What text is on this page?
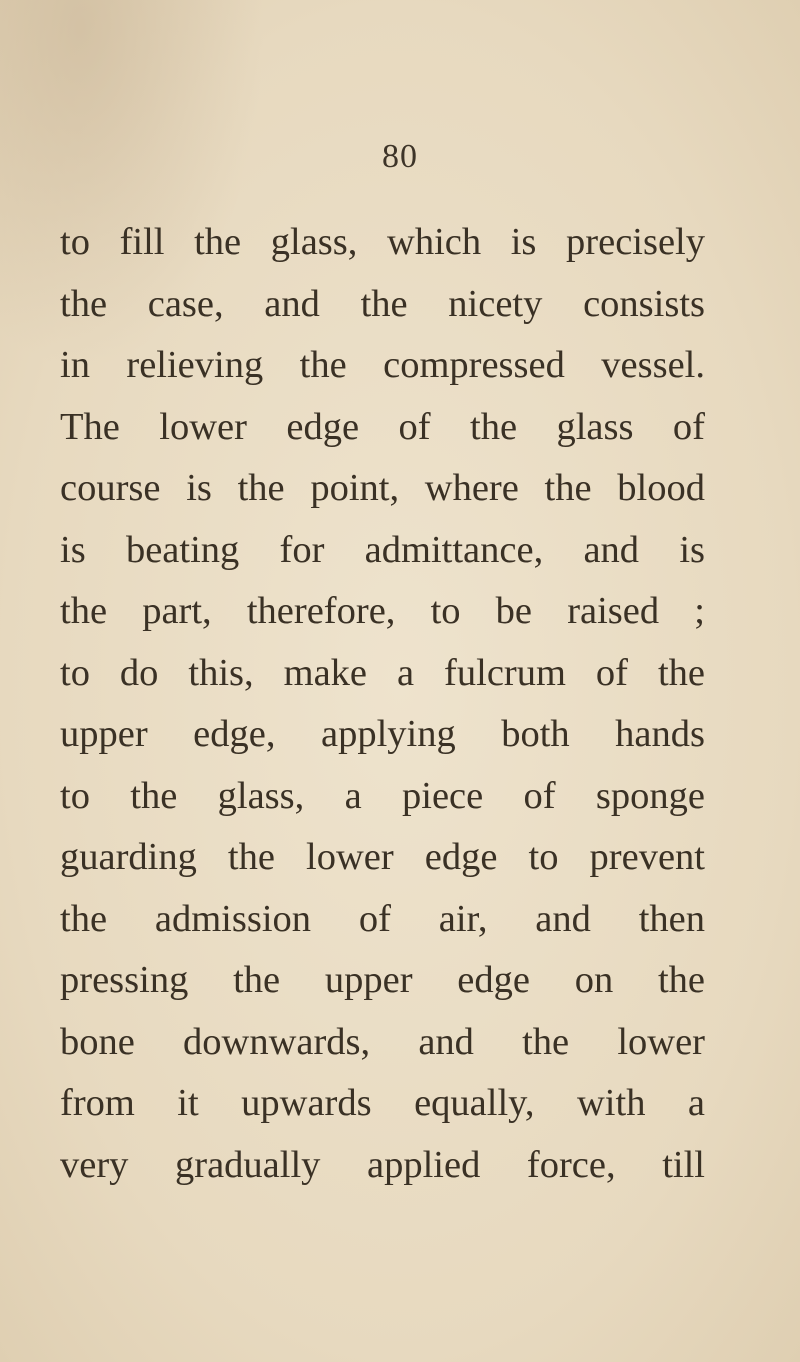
80
to fill the glass, which is precisely
the case, and the nicety consists
in relieving the compressed vessel.
The lower edge of the glass of
course is the point, where the blood
is beating for admittance, and is
the part, therefore, to be raised ;
to do this, make a fulcrum of the
upper edge, applying both hands
to the glass, a piece of sponge
guarding the lower edge to prevent
the admission of air, and then
pressing the upper edge on the
bone downwards, and the lower
from it upwards equally, with a
very gradually applied force, till
